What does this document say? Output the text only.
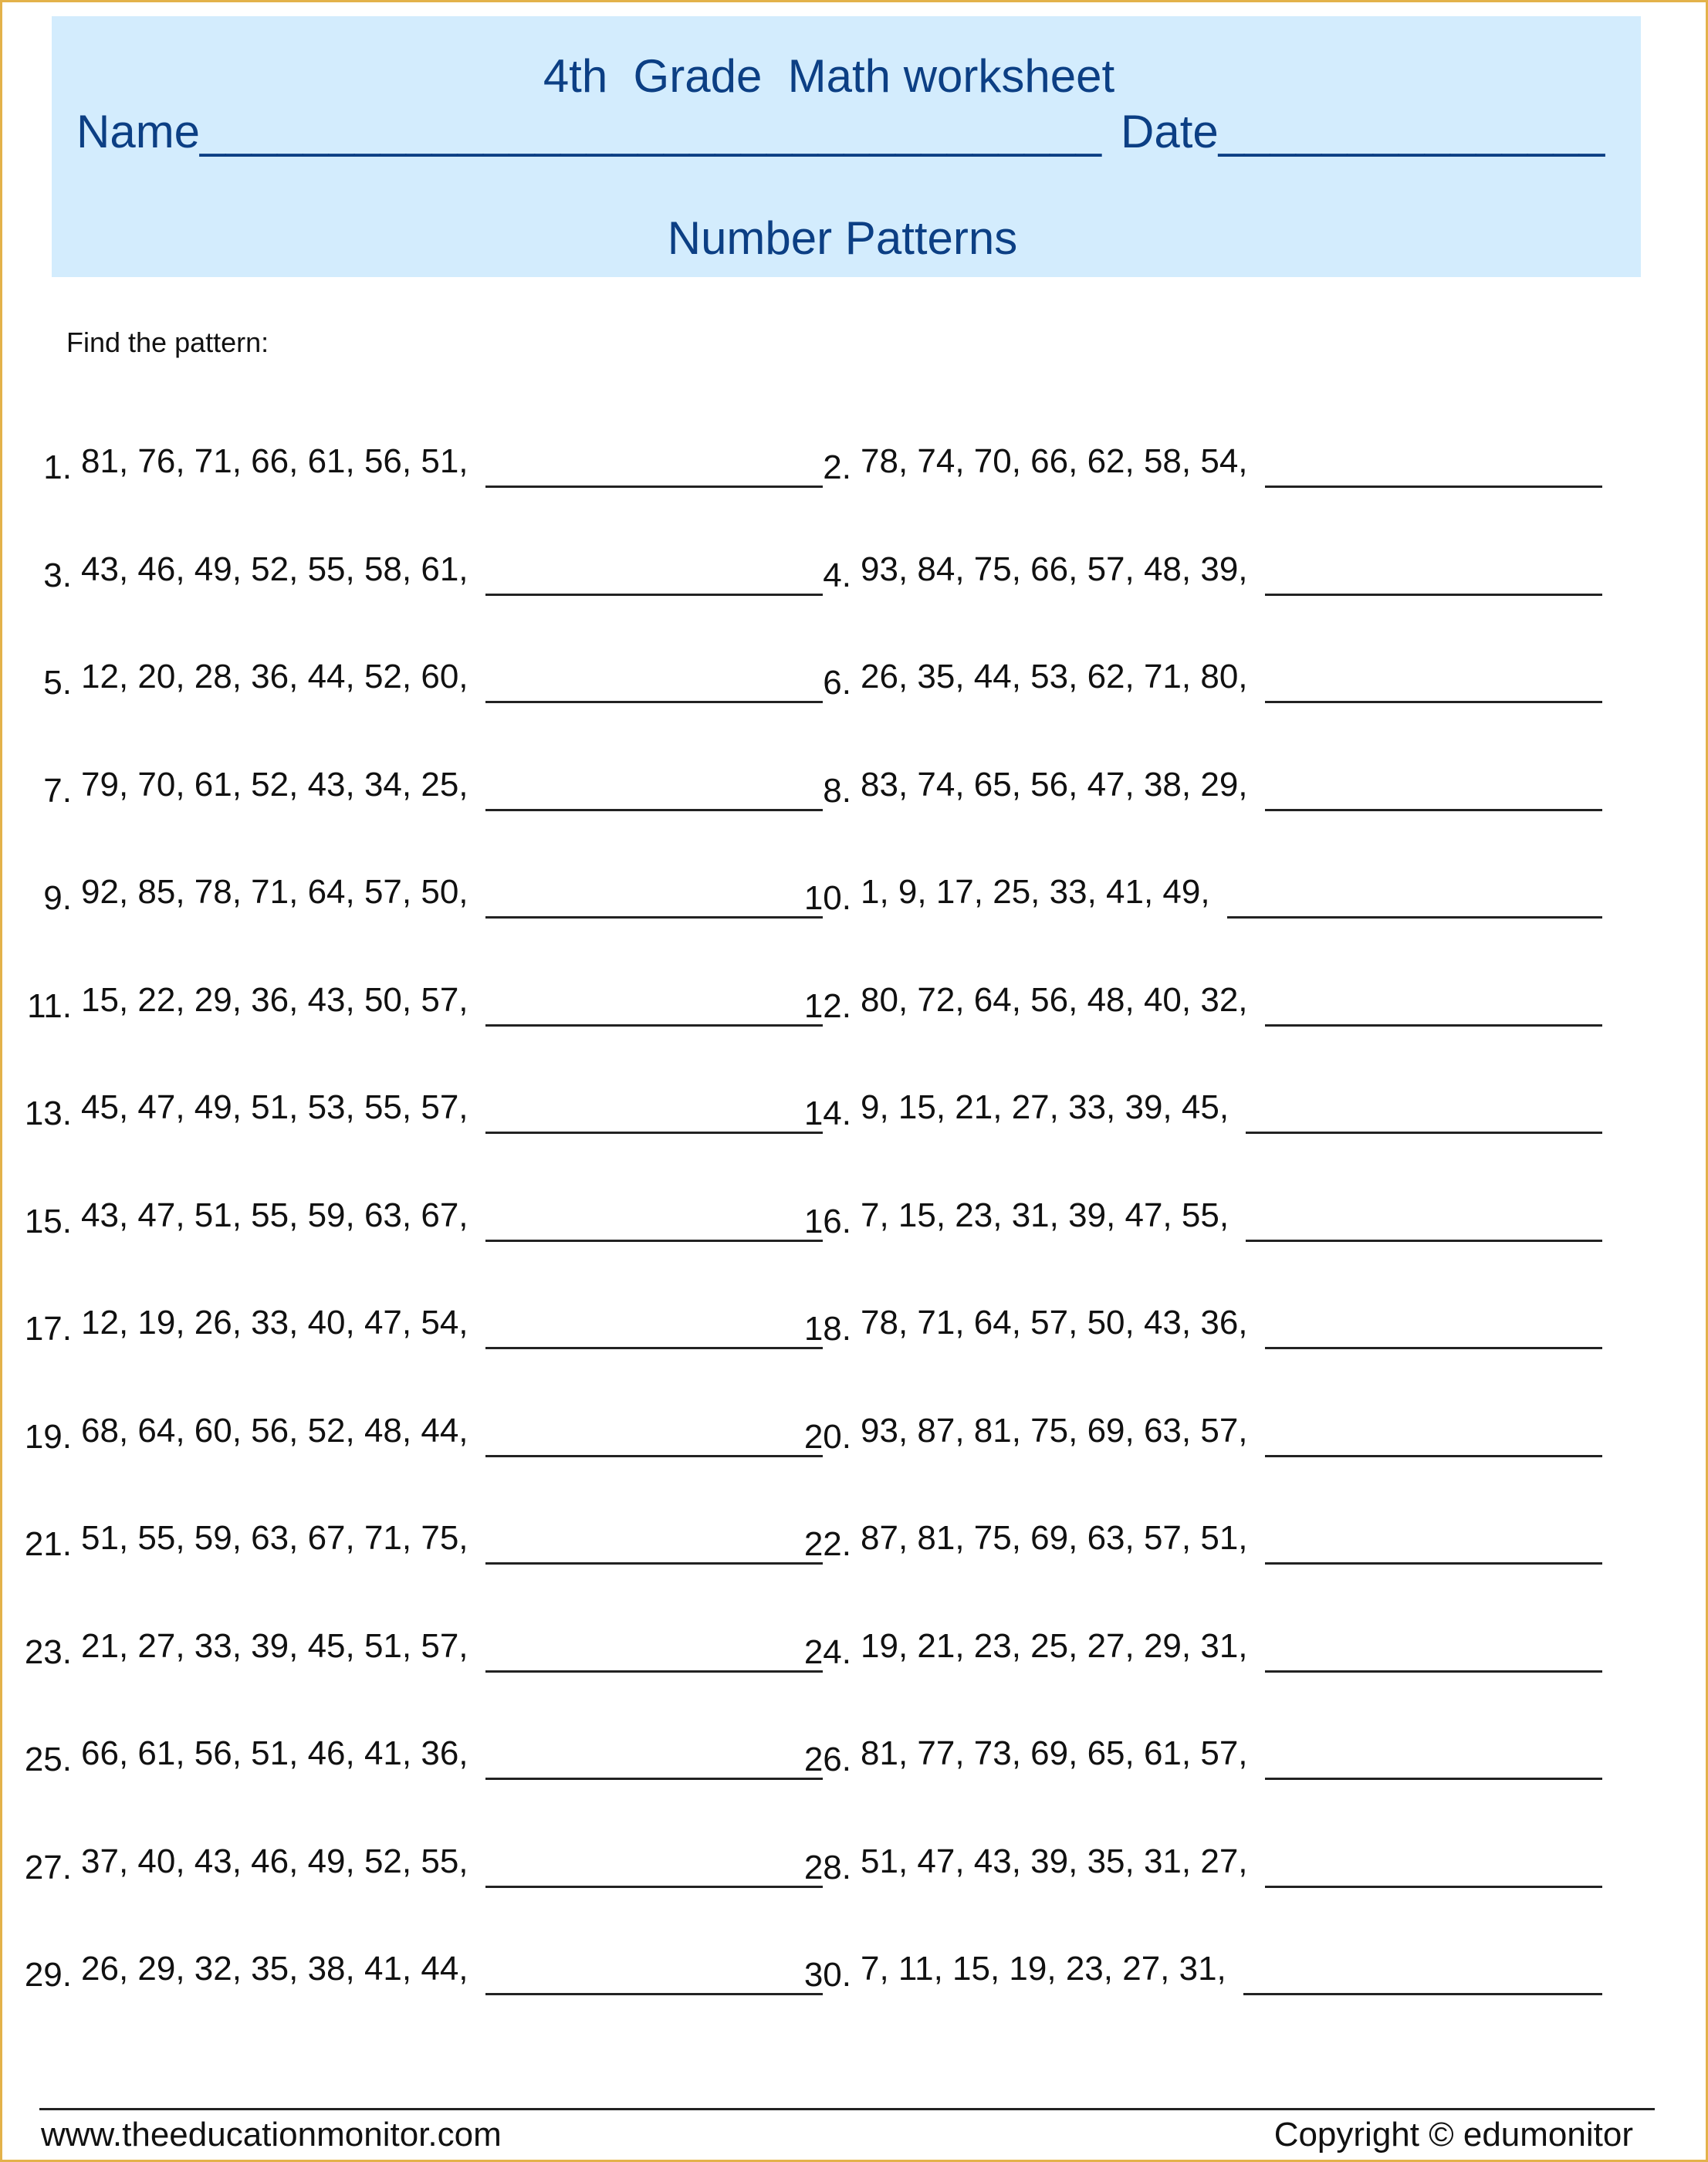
4th  Grade  Math worksheet
Name___________________________________ Date_______________
Number Patterns
Find the pattern:
1. 81, 76, 71, 66, 61, 56, 51,	2. 78, 74, 70, 66, 62, 58, 54,
3. 43, 46, 49, 52, 55, 58, 61,	4. 93, 84, 75, 66, 57, 48, 39,
5. 12, 20, 28, 36, 44, 52, 60,	6. 26, 35, 44, 53, 62, 71, 80,
7. 79, 70, 61, 52, 43, 34, 25,	8. 83, 74, 65, 56, 47, 38, 29,
9. 92, 85, 78, 71, 64, 57, 50,	10. 1, 9, 17, 25, 33, 41, 49,
11. 15, 22, 29, 36, 43, 50, 57,	12. 80, 72, 64, 56, 48, 40, 32,
13. 45, 47, 49, 51, 53, 55, 57,	14. 9, 15, 21, 27, 33, 39, 45,
15. 43, 47, 51, 55, 59, 63, 67,	16. 7, 15, 23, 31, 39, 47, 55,
17. 12, 19, 26, 33, 40, 47, 54,	18. 78, 71, 64, 57, 50, 43, 36,
19. 68, 64, 60, 56, 52, 48, 44,	20. 93, 87, 81, 75, 69, 63, 57,
21. 51, 55, 59, 63, 67, 71, 75,	22. 87, 81, 75, 69, 63, 57, 51,
23. 21, 27, 33, 39, 45, 51, 57,	24. 19, 21, 23, 25, 27, 29, 31,
25. 66, 61, 56, 51, 46, 41, 36,	26. 81, 77, 73, 69, 65, 61, 57,
27. 37, 40, 43, 46, 49, 52, 55,	28. 51, 47, 43, 39, 35, 31, 27,
29. 26, 29, 32, 35, 38, 41, 44,	30. 7, 11, 15, 19, 23, 27, 31,
www.theeducationmonitor.com	Copyright © edumonitor
